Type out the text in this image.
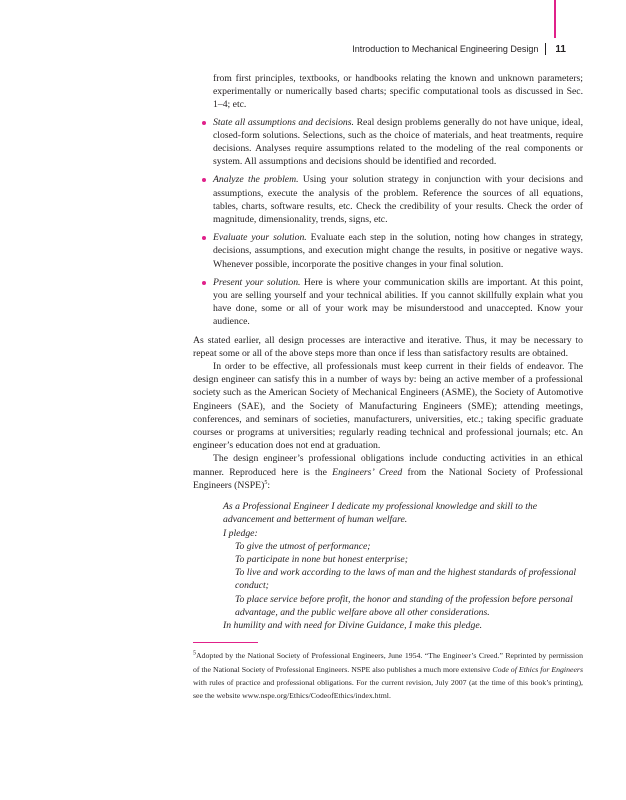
Introduction to Mechanical Engineering Design 11

from first principles, textbooks, or handbooks relating the known and unknown parameters; experimentally or numerically based charts; specific computational tools as discussed in Sec. 1–4; etc.

State all assumptions and decisions. Real design problems generally do not have unique, ideal, closed-form solutions. Selections, such as the choice of materials, and heat treatments, require decisions. Analyses require assumptions related to the modeling of the real components or system. All assumptions and decisions should be identified and recorded.
Analyze the problem. Using your solution strategy in conjunction with your decisions and assumptions, execute the analysis of the problem. Reference the sources of all equations, tables, charts, software results, etc. Check the credibility of your results. Check the order of magnitude, dimensionality, trends, signs, etc.
Evaluate your solution. Evaluate each step in the solution, noting how changes in strategy, decisions, assumptions, and execution might change the results, in positive or negative ways. Whenever possible, incorporate the positive changes in your final solution.
Present your solution. Here is where your communication skills are important. At this point, you are selling yourself and your technical abilities. If you cannot skillfully explain what you have done, some or all of your work may be misunderstood and unaccepted. Know your audience.

As stated earlier, all design processes are interactive and iterative. Thus, it may be necessary to repeat some or all of the above steps more than once if less than satisfactory results are obtained.

In order to be effective, all professionals must keep current in their fields of endeavor. The design engineer can satisfy this in a number of ways by: being an active member of a professional society such as the American Society of Mechanical Engineers (ASME), the Society of Automotive Engineers (SAE), and the Society of Manufacturing Engineers (SME); attending meetings, conferences, and seminars of societies, manufacturers, universities, etc.; taking specific graduate courses or programs at universities; regularly reading technical and professional journals; etc. An engineer’s education does not end at graduation.

The design engineer’s professional obligations include conducting activities in an ethical manner. Reproduced here is the Engineers’ Creed from the National Society of Professional Engineers (NSPE)$^5$:

As a Professional Engineer I dedicate my professional knowledge and skill to the advancement and betterment of human welfare.

I pledge:

To give the utmost of performance;

To participate in none but honest enterprise;

To live and work according to the laws of man and the highest standards of professional conduct;

To place service before profit, the honor and standing of the profession before personal advantage, and the public welfare above all other considerations.

In humility and with need for Divine Guidance, I make this pledge.

$^5$Adopted by the National Society of Professional Engineers, June 1954. “The Engineer’s Creed.” Reprinted by permission of the National Society of Professional Engineers. NSPE also publishes a much more extensive Code of Ethics for Engineers with rules of practice and professional obligations. For the current revision, July 2007 (at the time of this book’s printing), see the website www.nspe.org/Ethics/CodeofEthics/index.html.
